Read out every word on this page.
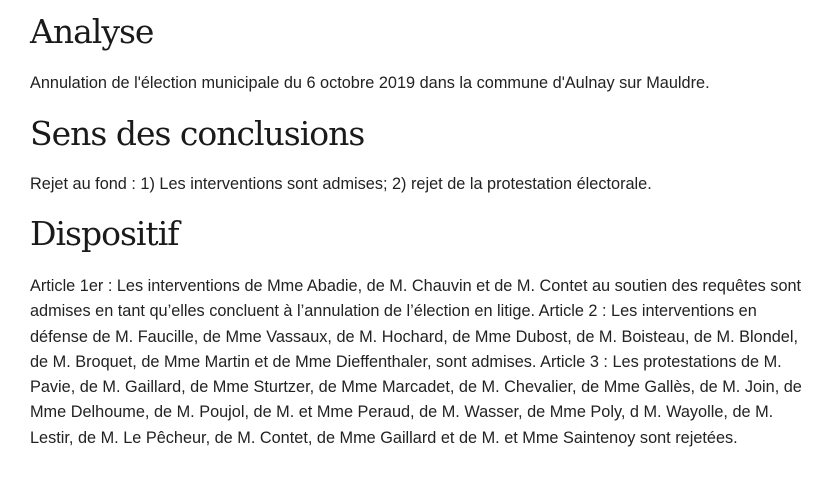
Analyse

Annulation de l'élection municipale du 6 octobre 2019 dans la commune d'Aulnay sur Mauldre.

Sens des conclusions

Rejet au fond : 1) Les interventions sont admises; 2) rejet de la protestation électorale.

Dispositif

Article 1er : Les interventions de Mme Abadie, de M. Chauvin et de M. Contet au soutien des requêtes sont admises en tant qu’elles concluent à l’annulation de l’élection en litige. Article 2 : Les interventions en défense de M. Faucille, de Mme Vassaux, de M. Hochard, de Mme Dubost, de M. Boisteau, de M. Blondel, de M. Broquet, de Mme Martin et de Mme Dieffenthaler, sont admises. Article 3 : Les protestations de M. Pavie, de M. Gaillard, de Mme Sturtzer, de Mme Marcadet, de M. Chevalier, de Mme Gallès, de M. Join, de Mme Delhoume, de M. Poujol, de M. et Mme Peraud, de M. Wasser, de Mme Poly, d M. Wayolle, de M. Lestir, de M. Le Pêcheur, de M. Contet, de Mme Gaillard et de M. et Mme Saintenoy sont rejetées.
